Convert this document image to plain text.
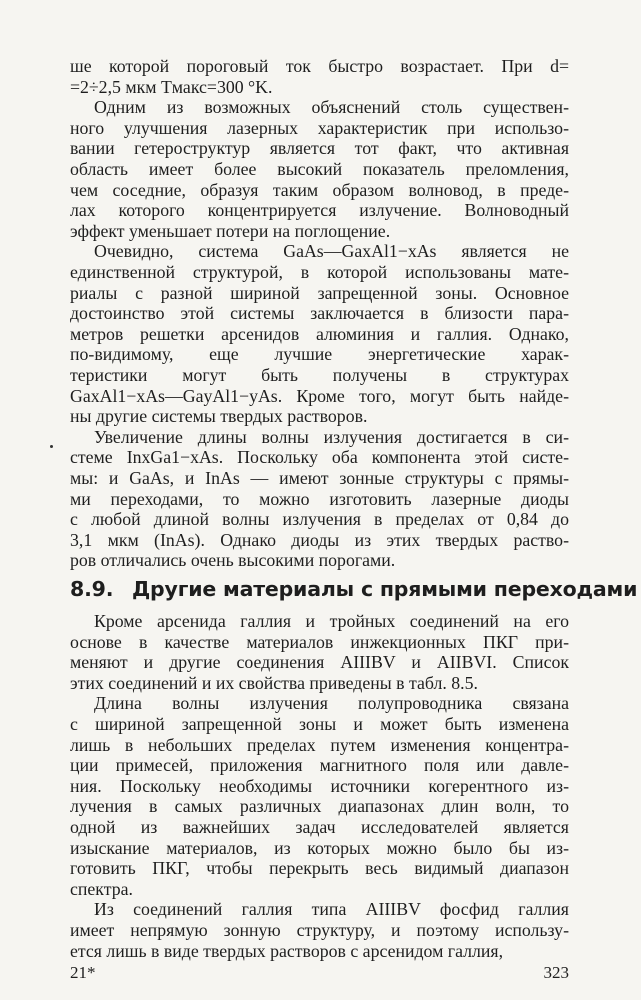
8.9. Другие материалы с прямыми переходами
21*	323
ше которой пороговый ток быстро возрастает. При d=
=2÷2,5 мкм Tмакс=300 °K.
Одним из возможных объяснений столь существен-
ного улучшения лазерных характеристик при использо-
вании гетероструктур является тот факт, что активная
область имеет более высокий показатель преломления,
чем соседние, образуя таким образом волновод, в преде-
лах которого концентрируется излучение. Волноводный
эффект уменьшает потери на поглощение.
Очевидно, система GaAs—GaxAl1−xAs является не
единственной структурой, в которой использованы мате-
риалы с разной шириной запрещенной зоны. Основное
достоинство этой системы заключается в близости пара-
метров решетки арсенидов алюминия и галлия. Однако,
по-видимому, еще лучшие энергетические харак-
теристики могут быть получены в структурах
GaxAl1−xAs—GayAl1−yAs. Кроме того, могут быть найде-
ны другие системы твердых растворов.
Увеличение длины волны излучения достигается в си-
стеме InxGa1−xAs. Поскольку оба компонента этой систе-
мы: и GaAs, и InAs — имеют зонные структуры с прямы-
ми переходами, то можно изготовить лазерные диоды
с любой длиной волны излучения в пределах от 0,84 до
3,1 мкм (InAs). Однако диоды из этих твердых раство-
ров отличались очень высокими порогами.
Кроме арсенида галлия и тройных соединений на его
основе в качестве материалов инжекционных ПКГ при-
меняют и другие соединения AIIIBV и AIIBVI. Список
этих соединений и их свойства приведены в табл. 8.5.
Длина волны излучения полупроводника связана
с шириной запрещенной зоны и может быть изменена
лишь в небольших пределах путем изменения концентра-
ции примесей, приложения магнитного поля или давле-
ния. Поскольку необходимы источники когерентного из-
лучения в самых различных диапазонах длин волн, то
одной из важнейших задач исследователей является
изыскание материалов, из которых можно было бы из-
готовить ПКГ, чтобы перекрыть весь видимый диапазон
спектра.
Из соединений галлия типа AIIIBV фосфид галлия
имеет непрямую зонную структуру, и поэтому использу-
ется лишь в виде твердых растворов с арсенидом галлия,
